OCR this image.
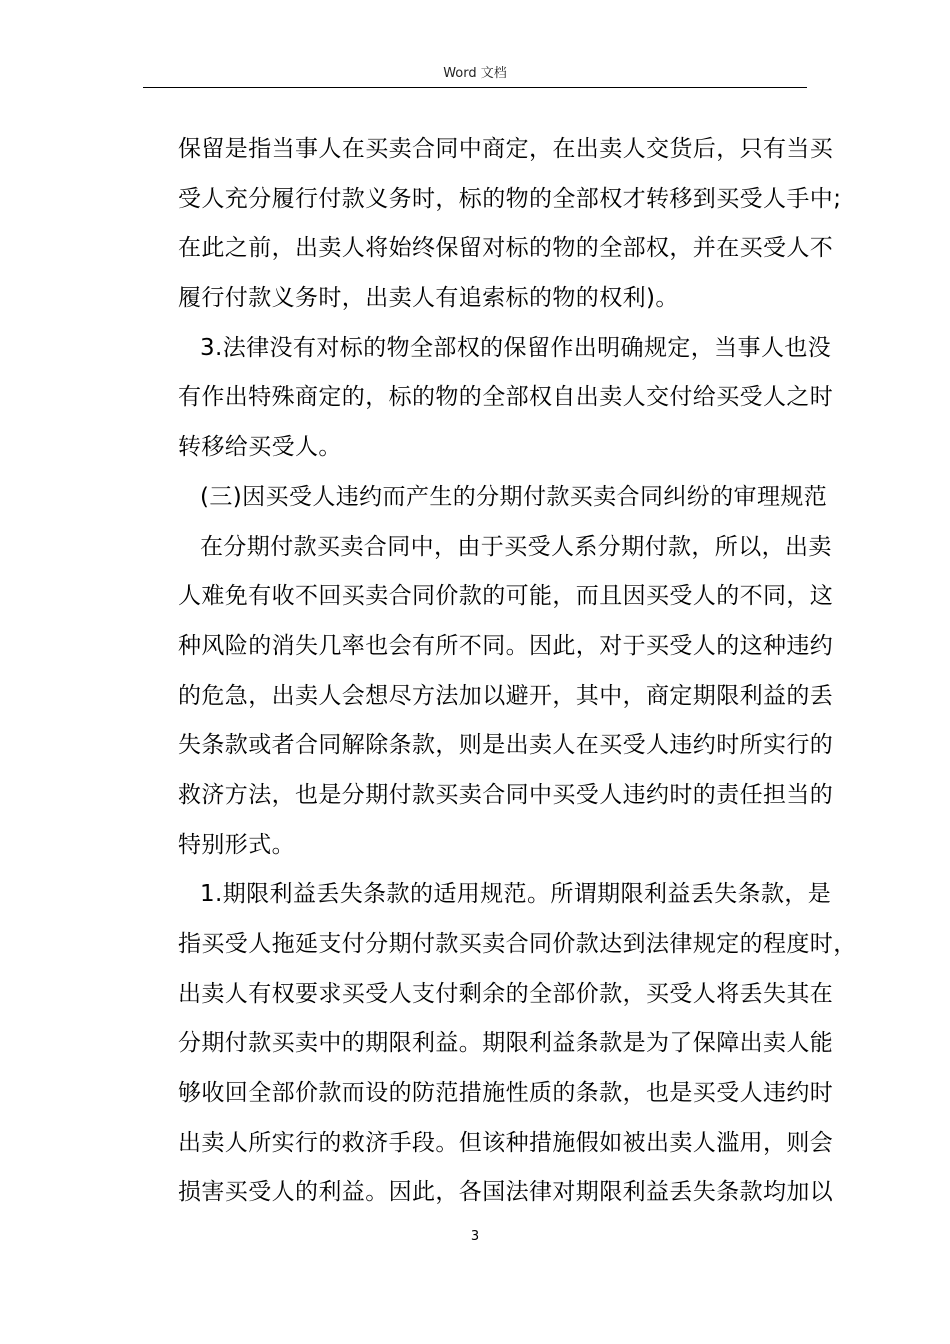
Word 文档
保留是指当事人在买卖合同中商定，在出卖人交货后，只有当买
受人充分履行付款义务时，标的物的全部权才转移到买受人手中;
在此之前，出卖人将始终保留对标的物的全部权，并在买受人不
履行付款义务时，出卖人有追索标的物的权利)。
3.法律没有对标的物全部权的保留作出明确规定，当事人也没
有作出特殊商定的，标的物的全部权自出卖人交付给买受人之时
转移给买受人。
(三)因买受人违约而产生的分期付款买卖合同纠纷的审理规范
在分期付款买卖合同中，由于买受人系分期付款，所以，出卖
人难免有收不回买卖合同价款的可能，而且因买受人的不同，这
种风险的消失几率也会有所不同。因此，对于买受人的这种违约
的危急，出卖人会想尽方法加以避开，其中，商定期限利益的丢
失条款或者合同解除条款，则是出卖人在买受人违约时所实行的
救济方法，也是分期付款买卖合同中买受人违约时的责任担当的
特别形式。
1.期限利益丢失条款的适用规范。所谓期限利益丢失条款，是
指买受人拖延支付分期付款买卖合同价款达到法律规定的程度时，
出卖人有权要求买受人支付剩余的全部价款，买受人将丢失其在
分期付款买卖中的期限利益。期限利益条款是为了保障出卖人能
够收回全部价款而设的防范措施性质的条款，也是买受人违约时
出卖人所实行的救济手段。但该种措施假如被出卖人滥用，则会
损害买受人的利益。因此，各国法律对期限利益丢失条款均加以
3
